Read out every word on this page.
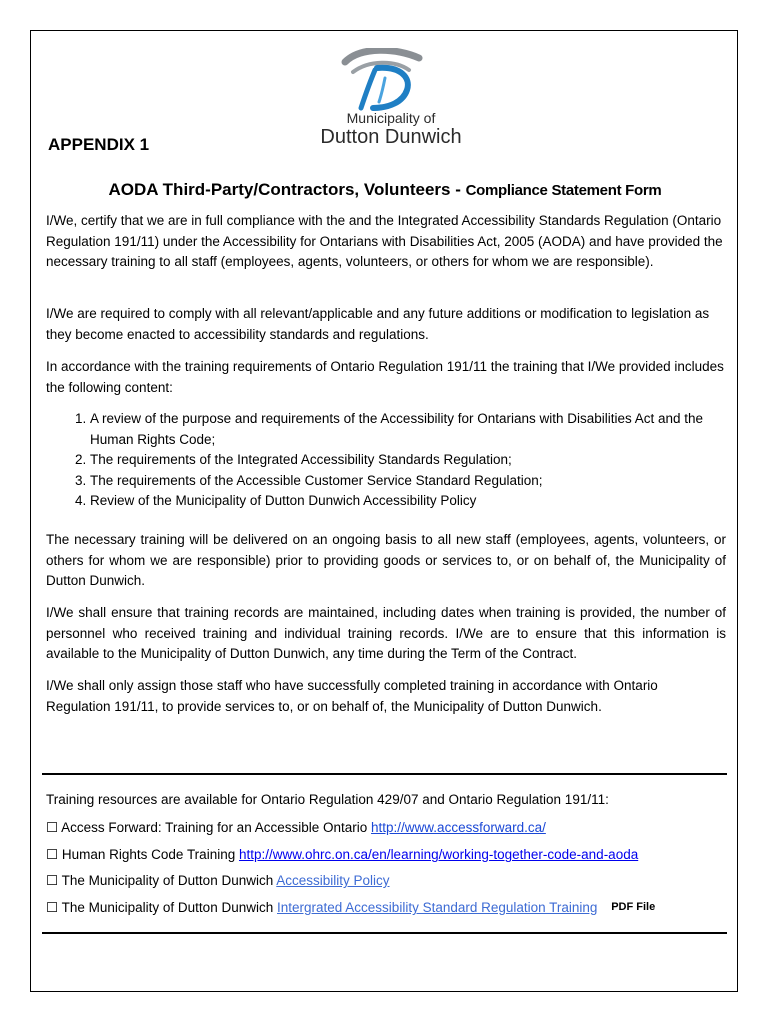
Municipality of
Dutton Dunwich
APPENDIX 1
AODA Third-Party/Contractors, Volunteers - Compliance Statement Form

I/We, certify that we are in full compliance with the and the Integrated Accessibility Standards Regulation (Ontario Regulation 191/11) under the Accessibility for Ontarians with Disabilities Act, 2005 (AODA) and have provided the necessary training to all staff (employees, agents, volunteers, or others for whom we are responsible).

I/We are required to comply with all relevant/applicable and any future additions or modification to legislation as they become enacted to accessibility standards and regulations.

In accordance with the training requirements of Ontario Regulation 191/11 the training that I/We provided includes the following content:

1. A review of the purpose and requirements of the Accessibility for Ontarians with Disabilities Act and the Human Rights Code;
2. The requirements of the Integrated Accessibility Standards Regulation;
3. The requirements of the Accessible Customer Service Standard Regulation;
4. Review of the Municipality of Dutton Dunwich Accessibility Policy

The necessary training will be delivered on an ongoing basis to all new staff (employees, agents, volunteers, or others for whom we are responsible) prior to providing goods or services to, or on behalf of, the Municipality of Dutton Dunwich.

I/We shall ensure that training records are maintained, including dates when training is provided, the number of personnel who received training and individual training records. I/We are to ensure that this information is available to the Municipality of Dutton Dunwich, any time during the Term of the Contract.

I/We shall only assign those staff who have successfully completed training in accordance with Ontario Regulation 191/11, to provide services to, or on behalf of, the Municipality of Dutton Dunwich.

Training resources are available for Ontario Regulation 429/07 and Ontario Regulation 191/11:
☐ Access Forward: Training for an Accessible Ontario http://www.accessforward.ca/
☐ Human Rights Code Training http://www.ohrc.on.ca/en/learning/working-together-code-and-aoda
☐ The Municipality of Dutton Dunwich Accessibility Policy
☐ The Municipality of Dutton Dunwich Intergrated Accessibility Standard Regulation Training PDF File
